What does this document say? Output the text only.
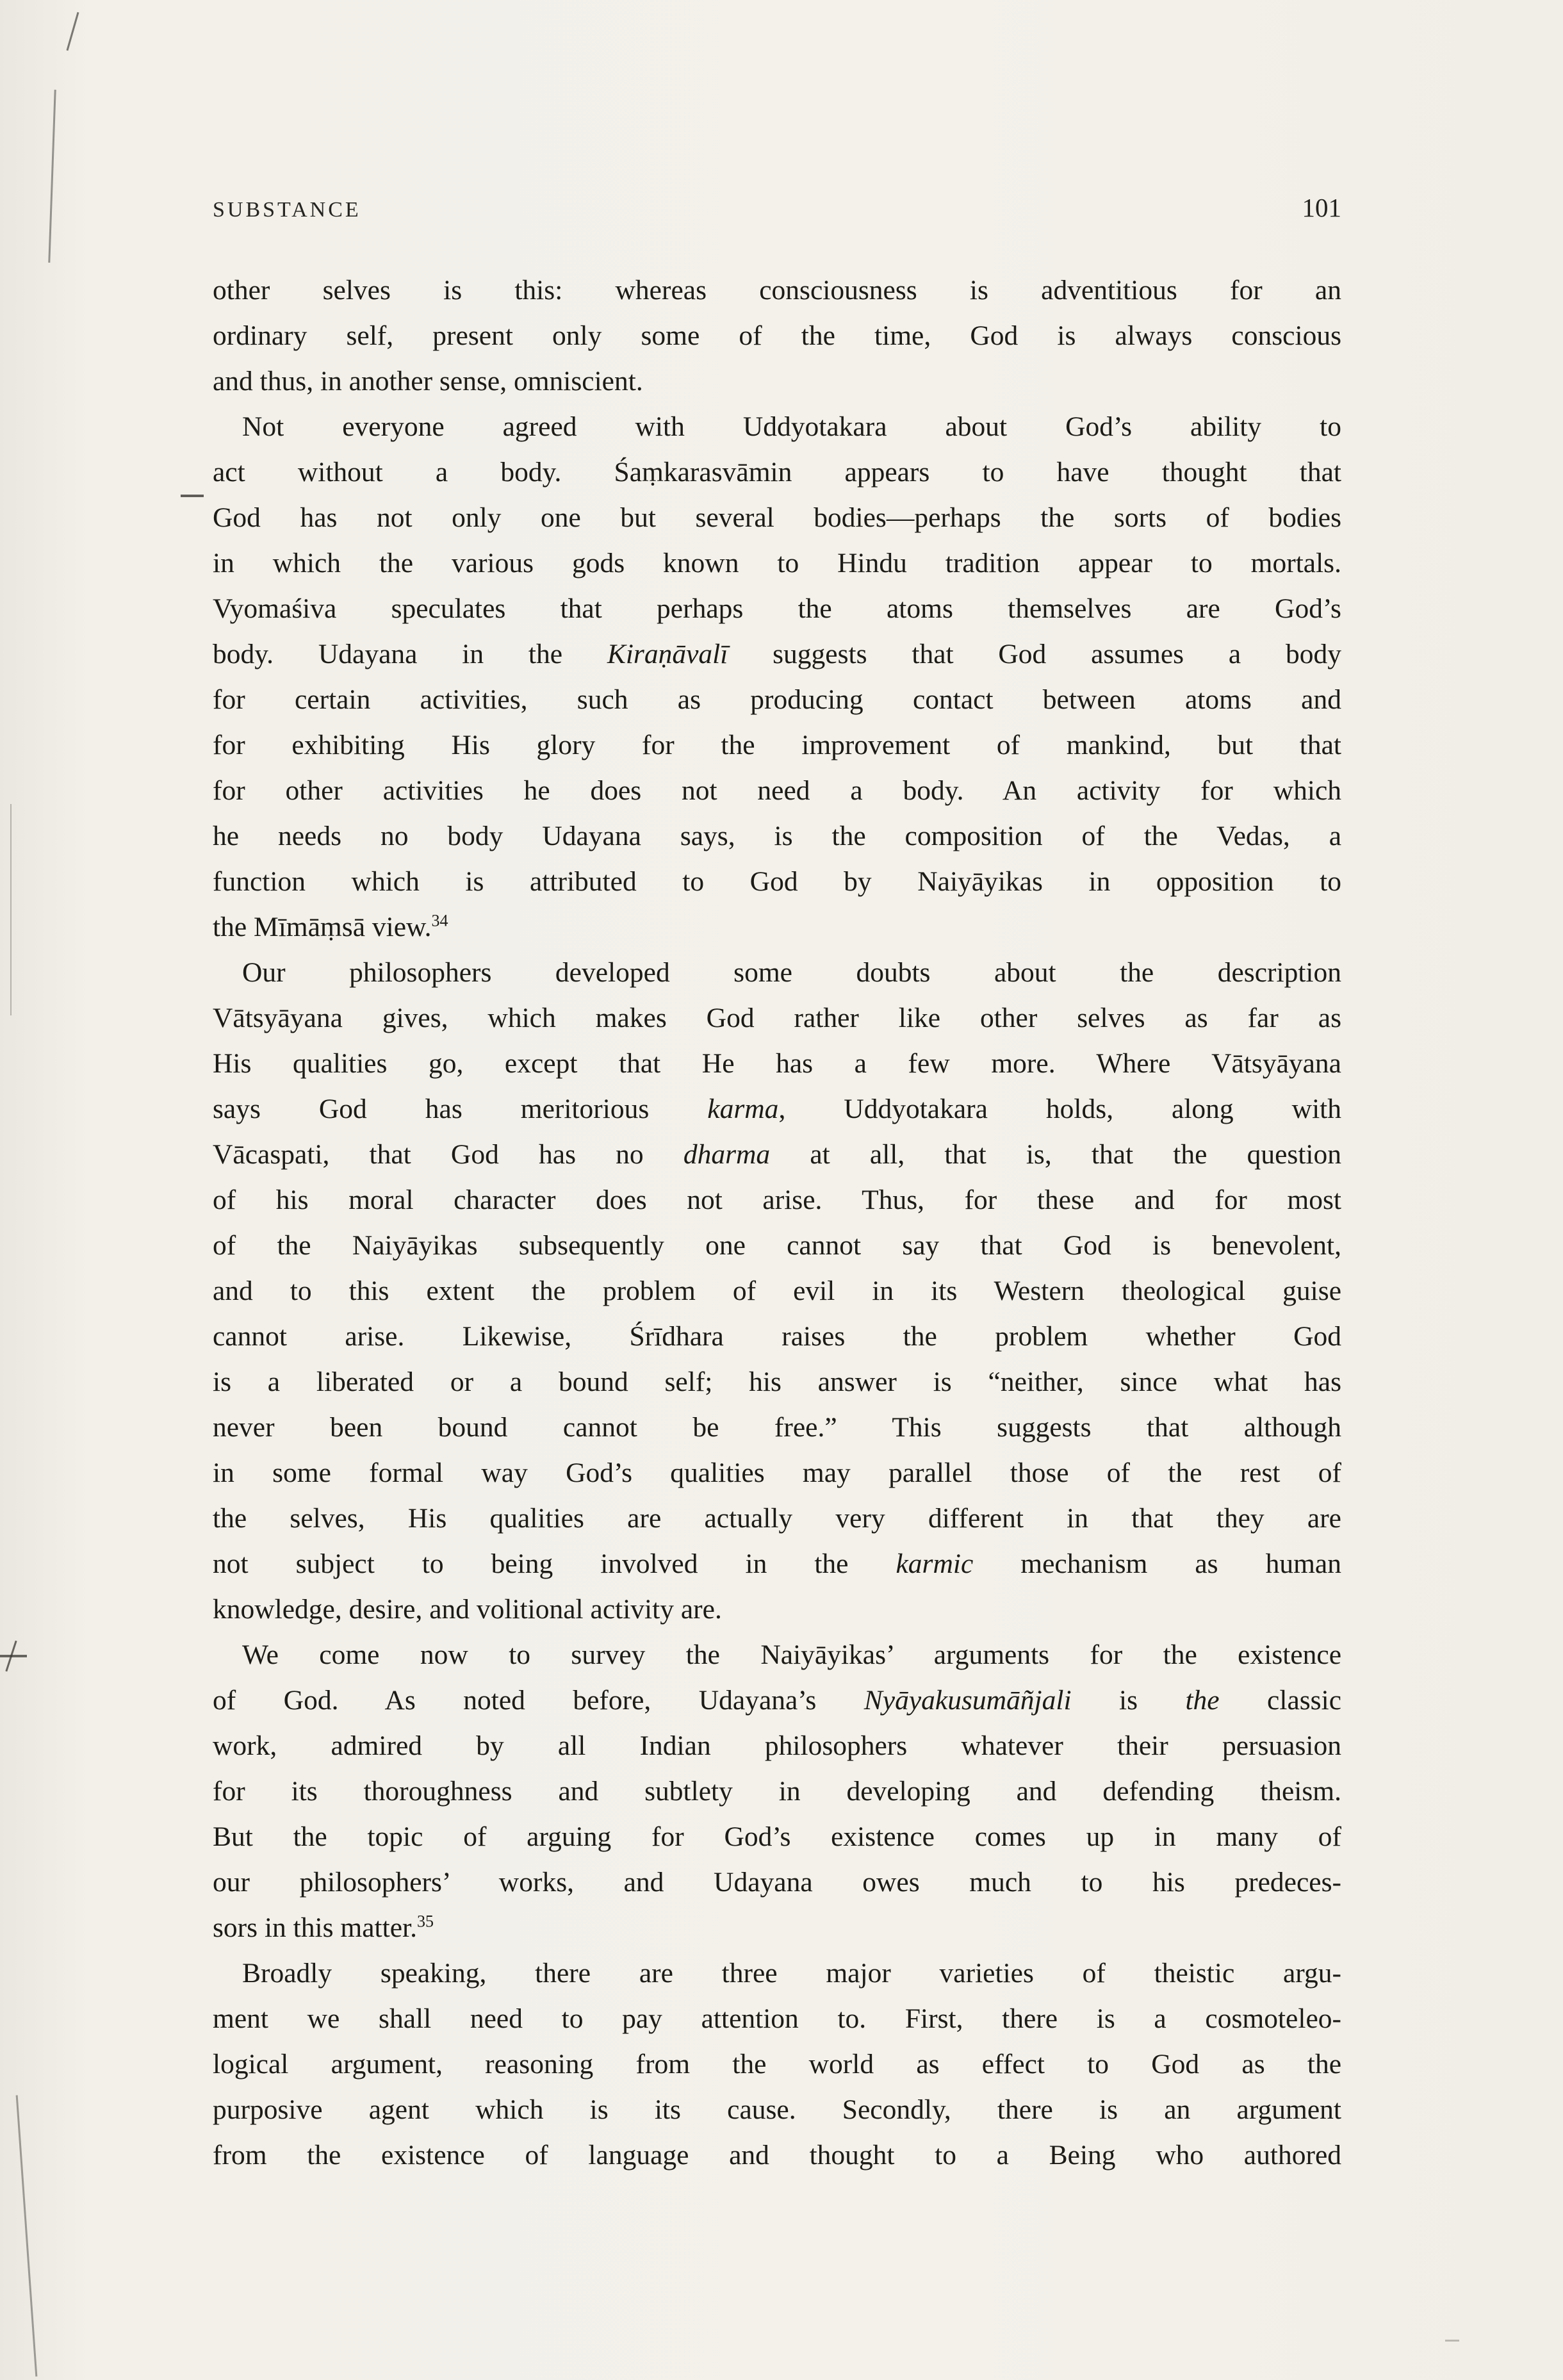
SUBSTANCE	101
other selves is this: whereas consciousness is adventitious for an
ordinary self, present only some of the time, God is always conscious
and thus, in another sense, omniscient.
Not everyone agreed with Uddyotakara about God’s ability to
act without a body. Śaṃkarasvāmin appears to have thought that
God has not only one but several bodies—perhaps the sorts of bodies
in which the various gods known to Hindu tradition appear to mortals.
Vyomaśiva speculates that perhaps the atoms themselves are God’s
body. Udayana in the Kiraṇāvalī suggests that God assumes a body
for certain activities, such as producing contact between atoms and
for exhibiting His glory for the improvement of mankind, but that
for other activities he does not need a body. An activity for which
he needs no body Udayana says, is the composition of the Vedas, a
function which is attributed to God by Naiyāyikas in opposition to
the Mīmāṃsā view.$^{34}$
Our philosophers developed some doubts about the description
Vātsyāyana gives, which makes God rather like other selves as far as
His qualities go, except that He has a few more. Where Vātsyāyana
says God has meritorious karma, Uddyotakara holds, along with
Vācaspati, that God has no dharma at all, that is, that the question
of his moral character does not arise. Thus, for these and for most
of the Naiyāyikas subsequently one cannot say that God is benevolent,
and to this extent the problem of evil in its Western theological guise
cannot arise. Likewise, Śrīdhara raises the problem whether God
is a liberated or a bound self; his answer is “neither, since what has
never been bound cannot be free.” This suggests that although
in some formal way God’s qualities may parallel those of the rest of
the selves, His qualities are actually very different in that they are
not subject to being involved in the karmic mechanism as human
knowledge, desire, and volitional activity are.
We come now to survey the Naiyāyikas’ arguments for the existence
of God. As noted before, Udayana’s Nyāyakusumāñjali is the classic
work, admired by all Indian philosophers whatever their persuasion
for its thoroughness and subtlety in developing and defending theism.
But the topic of arguing for God’s existence comes up in many of
our philosophers’ works, and Udayana owes much to his predeces-
sors in this matter.$^{35}$
Broadly speaking, there are three major varieties of theistic argu-
ment we shall need to pay attention to. First, there is a cosmoteleo-
logical argument, reasoning from the world as effect to God as the
purposive agent which is its cause. Secondly, there is an argument
from the existence of language and thought to a Being who authored
